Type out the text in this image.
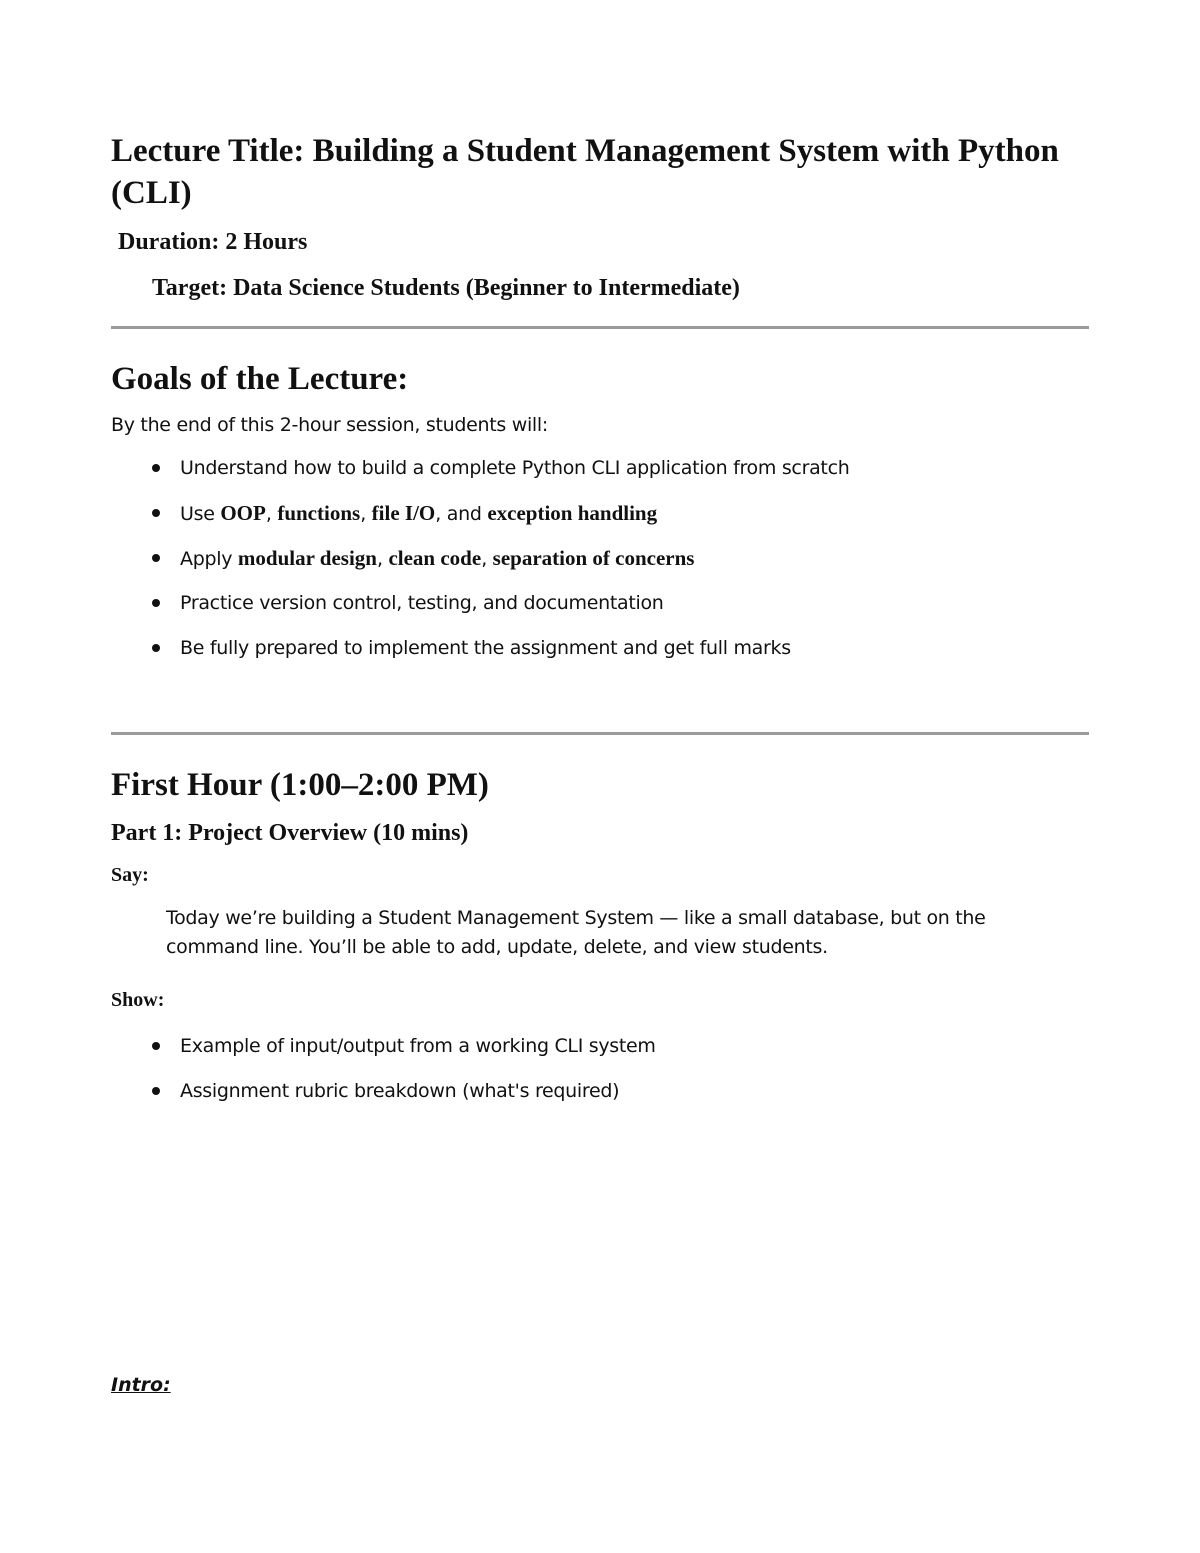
Lecture Title: Building a Student Management System with Python (CLI)
Duration: 2 Hours
Target: Data Science Students (Beginner to Intermediate)
Goals of the Lecture:
By the end of this 2-hour session, students will:
Understand how to build a complete Python CLI application from scratch
Use OOP, functions, file I/O, and exception handling
Apply modular design, clean code, separation of concerns
Practice version control, testing, and documentation
Be fully prepared to implement the assignment and get full marks
First Hour (1:00–2:00 PM)
Part 1: Project Overview (10 mins)
Say:
Today we’re building a Student Management System — like a small database, but on the command line. You’ll be able to add, update, delete, and view students.
Show:
Example of input/output from a working CLI system
Assignment rubric breakdown (what's required)
Intro:
